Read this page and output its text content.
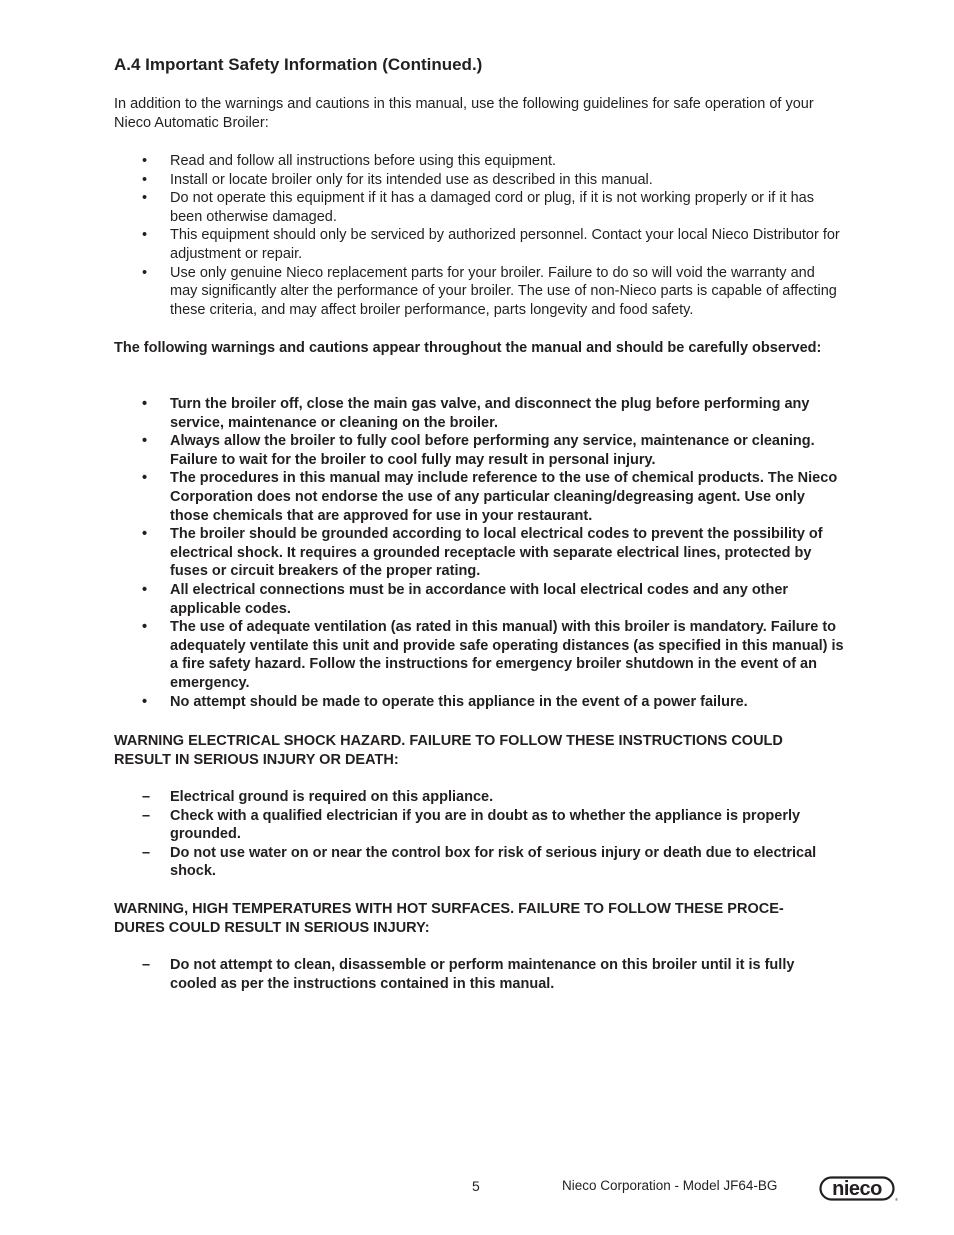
A.4 Important Safety Information (Continued.)

In addition to the warnings and cautions in this manual, use the following guidelines for safe operation of your Nieco Automatic Broiler:

• Read and follow all instructions before using this equipment.
• Install or locate broiler only for its intended use as described in this manual.
• Do not operate this equipment if it has a damaged cord or plug, if it is not working properly or if it has been otherwise damaged.
• This equipment should only be serviced by authorized personnel. Contact your local Nieco Distributor for adjustment or repair.
• Use only genuine Nieco replacement parts for your broiler. Failure to do so will void the warranty and may significantly alter the performance of your broiler. The use of non-Nieco parts is capable of affecting these criteria, and may affect broiler performance, parts longevity and food safety.

The following warnings and cautions appear throughout the manual and should be carefully observed:

• Turn the broiler off, close the main gas valve, and disconnect the plug before performing any service, maintenance or cleaning on the broiler.
• Always allow the broiler to fully cool before performing any service, maintenance or cleaning. Failure to wait for the broiler to cool fully may result in personal injury.
• The procedures in this manual may include reference to the use of chemical products. The Nieco Corporation does not endorse the use of any particular cleaning/degreasing agent. Use only those chemicals that are approved for use in your restaurant.
• The broiler should be grounded according to local electrical codes to prevent the possibility of electrical shock. It requires a grounded receptacle with separate electrical lines, protected by fuses or circuit breakers of the proper rating.
• All electrical connections must be in accordance with local electrical codes and any other applicable codes.
• The use of adequate ventilation (as rated in this manual) with this broiler is mandatory. Failure to adequately ventilate this unit and provide safe operating distances (as specified in this manual) is a fire safety hazard. Follow the instructions for emergency broiler shutdown in the event of an emergency.
• No attempt should be made to operate this appliance in the event of a power failure.

WARNING ELECTRICAL SHOCK HAZARD. FAILURE TO FOLLOW THESE INSTRUCTIONS COULD RESULT IN SERIOUS INJURY OR DEATH:

– Electrical ground is required on this appliance.
– Check with a qualified electrician if you are in doubt as to whether the appliance is properly grounded.
– Do not use water on or near the control box for risk of serious injury or death due to electrical shock.

WARNING, HIGH TEMPERATURES WITH HOT SURFACES. FAILURE TO FOLLOW THESE PROCE-DURES COULD RESULT IN SERIOUS INJURY:

– Do not attempt to clean, disassemble or perform maintenance on this broiler until it is fully cooled as per the instructions contained in this manual.
5	Nieco Corporation - Model JF64-BG	nieco	®
